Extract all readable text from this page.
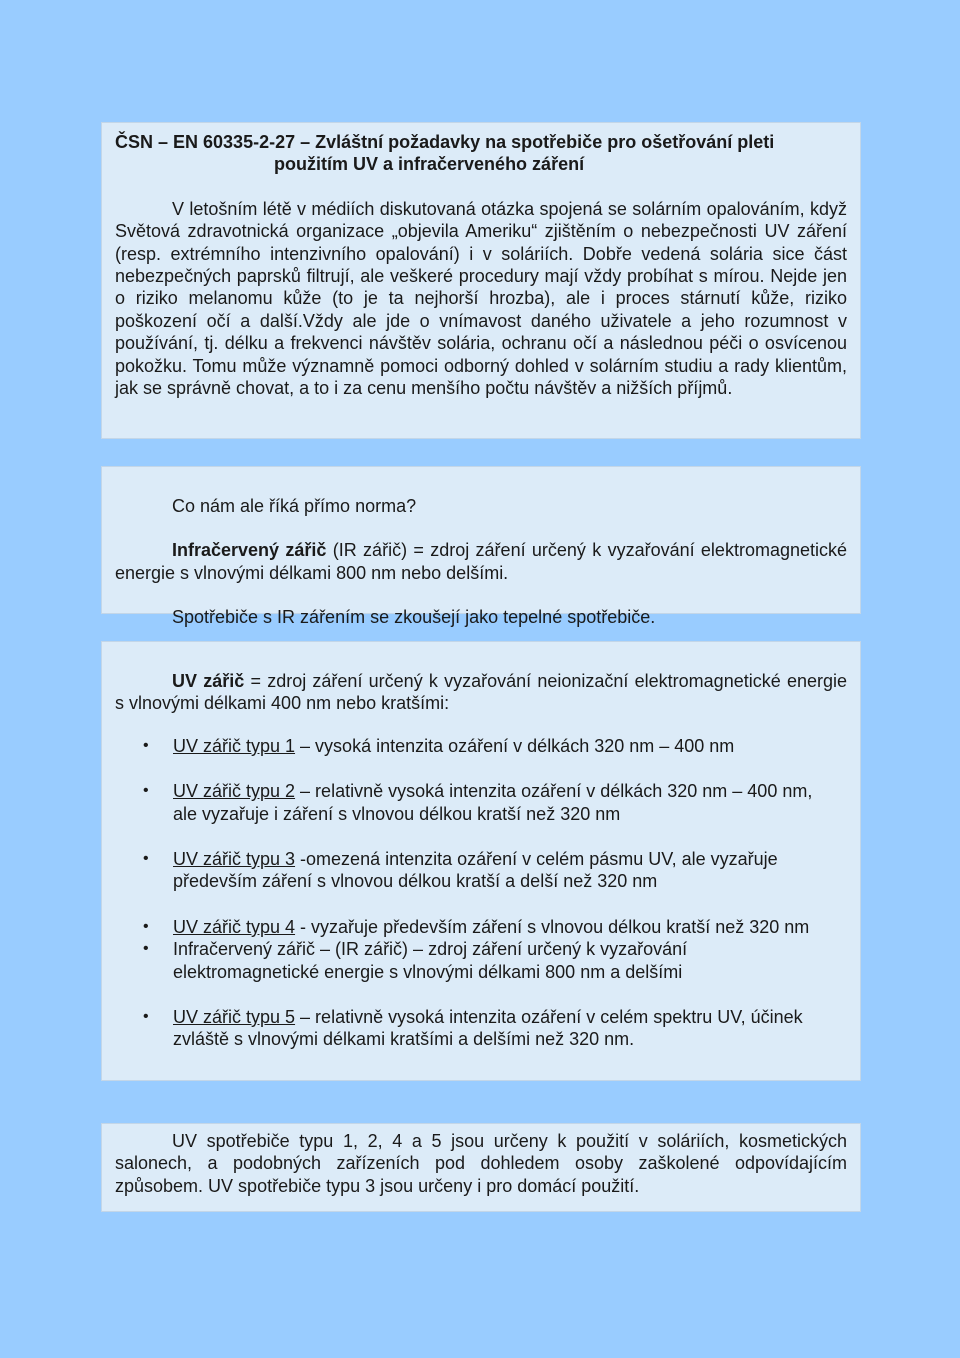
ČSN – EN 60335-2-27 – Zvláštní požadavky na spotřebiče pro ošetřování pleti
použitím UV a infračerveného záření

V letošním létě v médiích diskutovaná otázka spojená se solárním opalováním, když Světová zdravotnická organizace „objevila Ameriku“ zjištěním o nebezpečnosti UV záření (resp. extrémního intenzivního opalování) i v soláriích. Dobře vedená solária sice část nebezpečných paprsků filtrují, ale veškeré procedury mají vždy probíhat s mírou. Nejde jen o riziko melanomu kůže (to je ta nejhorší hrozba), ale i proces stárnutí kůže, riziko poškození očí a další.Vždy ale jde o vnímavost daného uživatele a jeho rozumnost v používání, tj. délku a frekvenci návštěv solária, ochranu očí a následnou péči o osvícenou pokožku. Tomu může významně pomoci odborný dohled v solárním studiu a rady klientům, jak se správně chovat, a to i za cenu menšího počtu návštěv a nižších příjmů.

Co nám ale říká přímo norma?

Infračervený zářič (IR zářič) = zdroj záření určený k vyzařování elektromagnetické energie s vlnovými délkami 800 nm nebo delšími.

Spotřebiče s IR zářením se zkoušejí jako tepelné spotřebiče.

UV zářič = zdroj záření určený k vyzařování neionizační elektromagnetické energie s vlnovými délkami 400 nm nebo kratšími:

• UV zářič typu 1 – vysoká intenzita ozáření v délkách 320 nm – 400 nm
• UV zářič typu 2 – relativně vysoká intenzita ozáření v délkách 320 nm – 400 nm, ale vyzařuje i záření s vlnovou délkou kratší než 320 nm
• UV zářič typu 3 -omezená intenzita ozáření v celém pásmu UV, ale vyzařuje především záření s vlnovou délkou kratší a delší než 320 nm
• UV zářič typu 4 - vyzařuje především záření s vlnovou délkou kratší než 320 nm
• Infračervený zářič – (IR zářič) – zdroj záření určený k vyzařování elektromagnetické energie s vlnovými délkami 800 nm a delšími
• UV zářič typu 5 – relativně vysoká intenzita ozáření v celém spektru UV, účinek zvláště s vlnovými délkami kratšími a delšími než 320 nm.

UV spotřebiče typu 1, 2, 4 a 5 jsou určeny k použití v soláriích, kosmetických salonech, a podobných zařízeních pod dohledem osoby zaškolené odpovídajícím způsobem. UV spotřebiče typu 3 jsou určeny i pro domácí použití.
